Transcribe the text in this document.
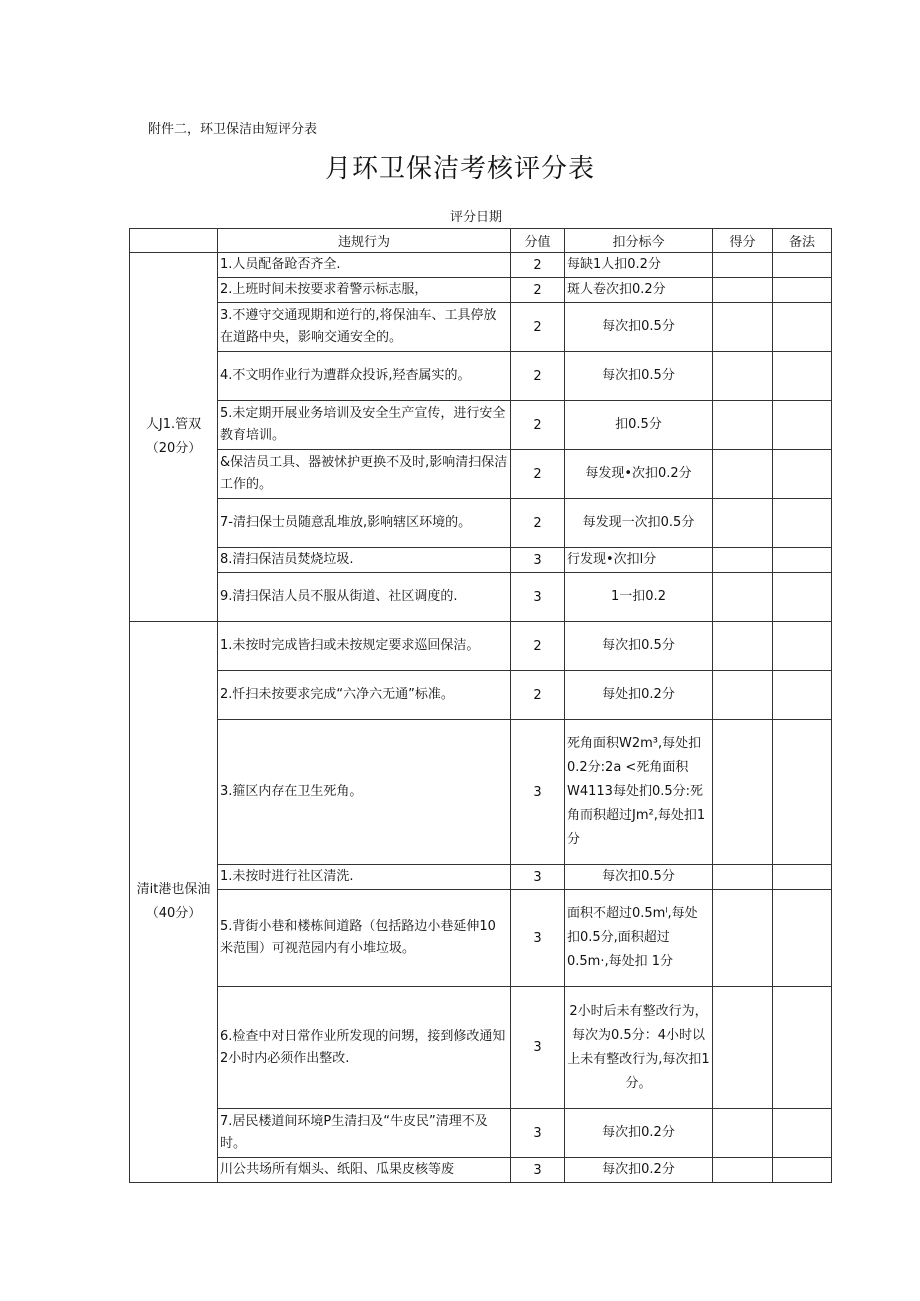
附件二，环卫保洁由短评分表
月环卫保洁考核评分表
评分日期
	违规行为	分值	扣分标今	得分	备法

人J1.管双
（20分）	1.人员配备跄否齐全.	2	每缺1人扣0.2分		
	2.上班时间未按要求着警示标志服，	2	斑人卷次扣0.2分		
	3.不遵守交通现期和逆行的,将保油车、工具停放在道路中央，影响交通安全的。	2	每次扣0.5分		
	4.不文明作业行为遭群众投诉,羟杳属实的。	2	每次扣0.5分		
	5.未定期开展业务培训及安全生产宣传，进行安全教育培训。	2	扣0.5分		
	&保洁员工具、器被怵护更换不及时,影响清扫保洁工作的。	2	每发现•次扣0.2分		
	7-清扫保士员随意乱堆放,影响辖区环境的。	2	每发现一次扣0.5分		
	8.清扫保洁员焚烧垃圾.	3	行发现•次扣l分		
	9.清扫保洁人员不服从街道、社区调度的.	3	1一扣0.2		

清it港也保油
（40分）	1.未按时完成皆扫或未按规定要求巡回保洁。	2	每次扣0.5分		
	2.忏扫未按要求完成“六净六无通”标准。	2	每处扣0.2分		
	3.箍区内存在卫生死角。	3	死角面积W2m³,每处扣0.2分:2a <死角面积W4113每处扪0.5分:死角而积超过Jm²,每处扣1分		
	1.未按时进行社区清洗.	3	每次扣0.5分		
	5.背街小巷和楼栋间道路（包括路边小巷延伸10米范围）可视范园内有小堆垃圾。	3	面积不超过0.5mˡ,每处扣0.5分,面积超过0.5m·,每处扣 1分		
	6.检查中对日常作业所发现的问甥，接到修改通知2小时内必须作出整改.	3	2小时后未有整改行为，每次为0.5分：4小时以上未有整改行为,每次扣1分。		
	7.居民楼道间环境P生清扫及“牛皮民”清理不及时。	3	每次扣0.2分		
	川公共场所有烟头、纸阳、瓜果皮核等废	3	每次扣0.2分		
